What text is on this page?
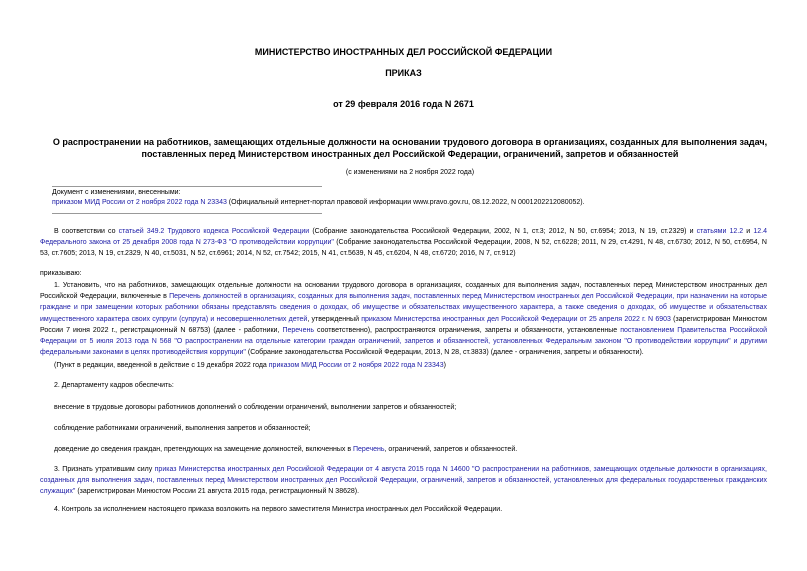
МИНИСТЕРСТВО ИНОСТРАННЫХ ДЕЛ РОССИЙСКОЙ ФЕДЕРАЦИИ
ПРИКАЗ
от 29 февраля 2016 года N 2671
О распространении на работников, замещающих отдельные должности на основании трудового договора в организациях, созданных для выполнения задач, поставленных перед Министерством иностранных дел Российской Федерации, ограничений, запретов и обязанностей
(с изменениями на 2 ноября 2022 года)
Документ с изменениями, внесенными:
приказом МИД России от 2 ноября 2022 года N 23343 (Официальный интернет-портал правовой информации www.pravo.gov.ru, 08.12.2022, N 0001202212080052).
В соответствии со статьей 349.2 Трудового кодекса Российской Федерации (Собрание законодательства Российской Федерации, 2002, N 1, ст.3; 2012, N 50, ст.6954; 2013, N 19, ст.2329) и статьями 12.2 и 12.4 Федерального закона от 25 декабря 2008 года N 273-ФЗ "О противодействии коррупции" (Собрание законодательства Российской Федерации, 2008, N 52, ст.6228; 2011, N 29, ст.4291, N 48, ст.6730; 2012, N 50, ст.6954, N 53, ст.7605; 2013, N 19, ст.2329, N 40, ст.5031, N 52, ст.6961; 2014, N 52, ст.7542; 2015, N 41, ст.5639, N 45, ст.6204, N 48, ст.6720; 2016, N 7, ст.912)
приказываю:
1. Установить, что на работников, замещающих отдельные должности на основании трудового договора в организациях, созданных для выполнения задач, поставленных перед Министерством иностранных дел Российской Федерации, включенные в Перечень должностей в организациях, созданных для выполнения задач, поставленных перед Министерством иностранных дел Российской Федерации, при назначении на которые граждане и при замещении которых работники обязаны представлять сведения о доходах, об имуществе и обязательствах имущественного характера, а также сведения о доходах, об имуществе и обязательствах имущественного характера своих супруги (супруга) и несовершеннолетних детей, утвержденный приказом Министерства иностранных дел Российской Федерации от 25 апреля 2022 г. N 6903 (зарегистрирован Минюстом России 7 июня 2022 г., регистрационный N 68753) (далее - работники, Перечень соответственно), распространяются ограничения, запреты и обязанности, установленные постановлением Правительства Российской Федерации от 5 июля 2013 года N 568 "О распространении на отдельные категории граждан ограничений, запретов и обязанностей, установленных Федеральным законом "О противодействии коррупции" и другими федеральными законами в целях противодействия коррупции" (Собрание законодательства Российской Федерации, 2013, N 28, ст.3833) (далее - ограничения, запреты и обязанности).
(Пункт в редакции, введенной в действие с 19 декабря 2022 года приказом МИД России от 2 ноября 2022 года N 23343)
2. Департаменту кадров обеспечить:
внесение в трудовые договоры работников дополнений о соблюдении ограничений, выполнении запретов и обязанностей;
соблюдение работниками ограничений, выполнения запретов и обязанностей;
доведение до сведения граждан, претендующих на замещение должностей, включенных в Перечень, ограничений, запретов и обязанностей.
3. Признать утратившим силу приказ Министерства иностранных дел Российской Федерации от 4 августа 2015 года N 14600 "О распространении на работников, замещающих отдельные должности в организациях, созданных для выполнения задач, поставленных перед Министерством иностранных дел Российской Федерации, ограничений, запретов и обязанностей, установленных для федеральных государственных гражданских служащих" (зарегистрирован Минюстом России 21 августа 2015 года, регистрационный N 38628).
4. Контроль за исполнением настоящего приказа возложить на первого заместителя Министра иностранных дел Российской Федерации.
